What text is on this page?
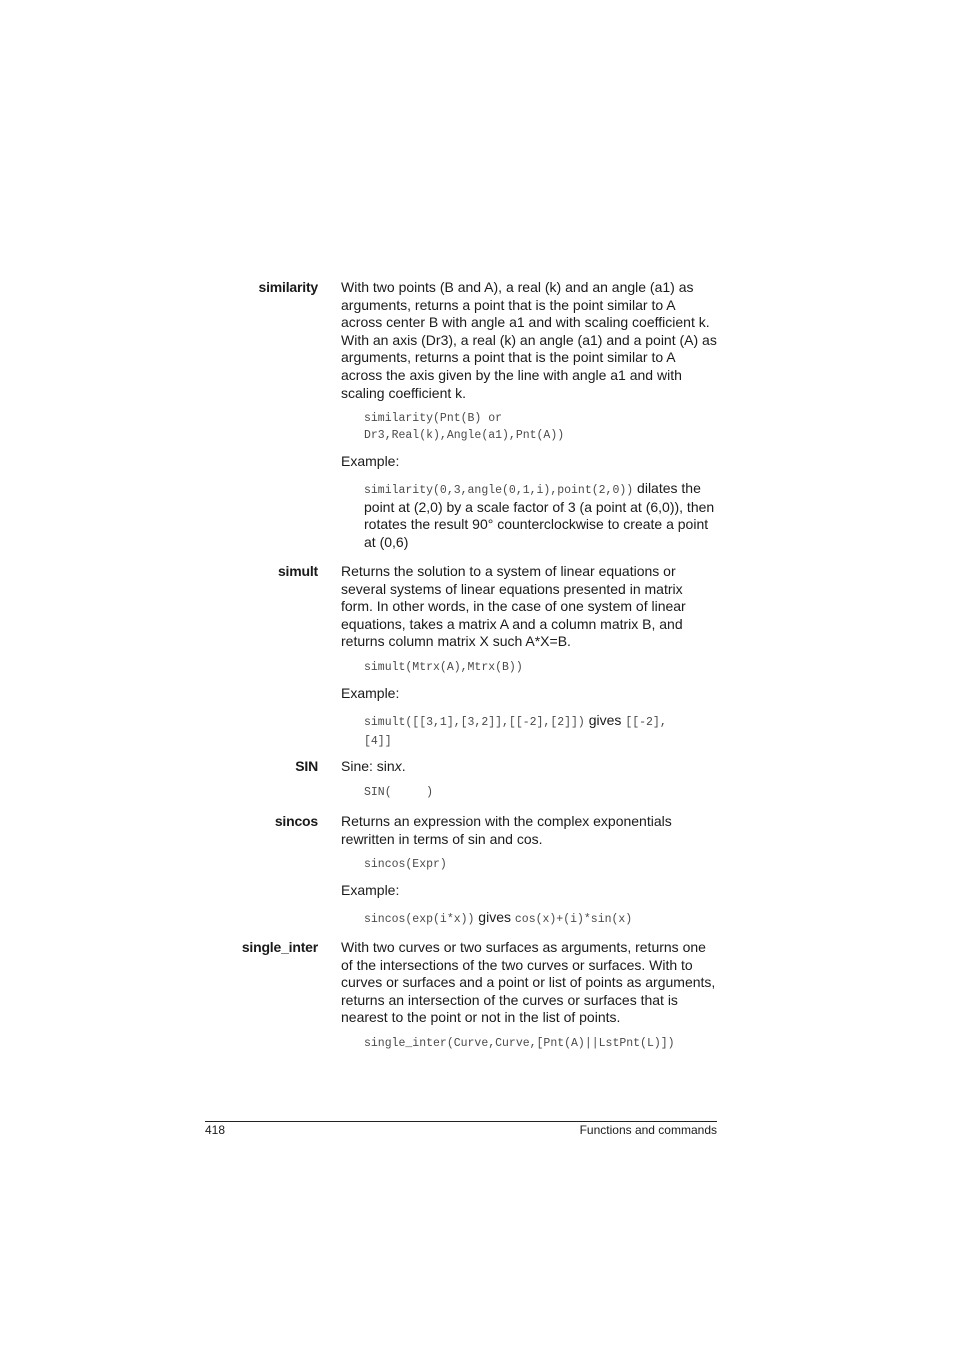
similarity With two points (B and A), a real (k) and an angle (a1) as arguments, returns a point that is the point similar to A across center B with angle a1 and with scaling coefficient k. With an axis (Dr3), a real (k) an angle (a1) and a point (A) as arguments, returns a point that is the point similar to A across the axis given by the line with angle a1 and with scaling coefficient k.

similarity(Pnt(B) or
Dr3,Real(k),Angle(a1),Pnt(A))
Example:
similarity(0,3,angle(0,1,i),point(2,0)) dilates the point at (2,0) by a scale factor of 3 (a point at (6,0)), then rotates the result 90° counterclockwise to create a point at (0,6)
simult Returns the solution to a system of linear equations or several systems of linear equations presented in matrix form. In other words, in the case of one system of linear equations, takes a matrix A and a column matrix B, and returns column matrix X such A*X=B.

simult(Mtrx(A),Mtrx(B))
Example:
simult([[3,1],[3,2]],[[-2],[2]]) gives [[-2],[4]]
SIN Sine: sinx.

SIN(     )
sincos Returns an expression with the complex exponentials rewritten in terms of sin and cos.

sincos(Expr)
Example:
sincos(exp(i*x)) gives cos(x)+(i)*sin(x)
single_inter With two curves or two surfaces as arguments, returns one of the intersections of the two curves or surfaces. With to curves or surfaces and a point or list of points as arguments, returns an intersection of the curves or surfaces that is nearest to the point or not in the list of points.

single_inter(Curve,Curve,[Pnt(A)||LstPnt(L)])
418	Functions and commands
